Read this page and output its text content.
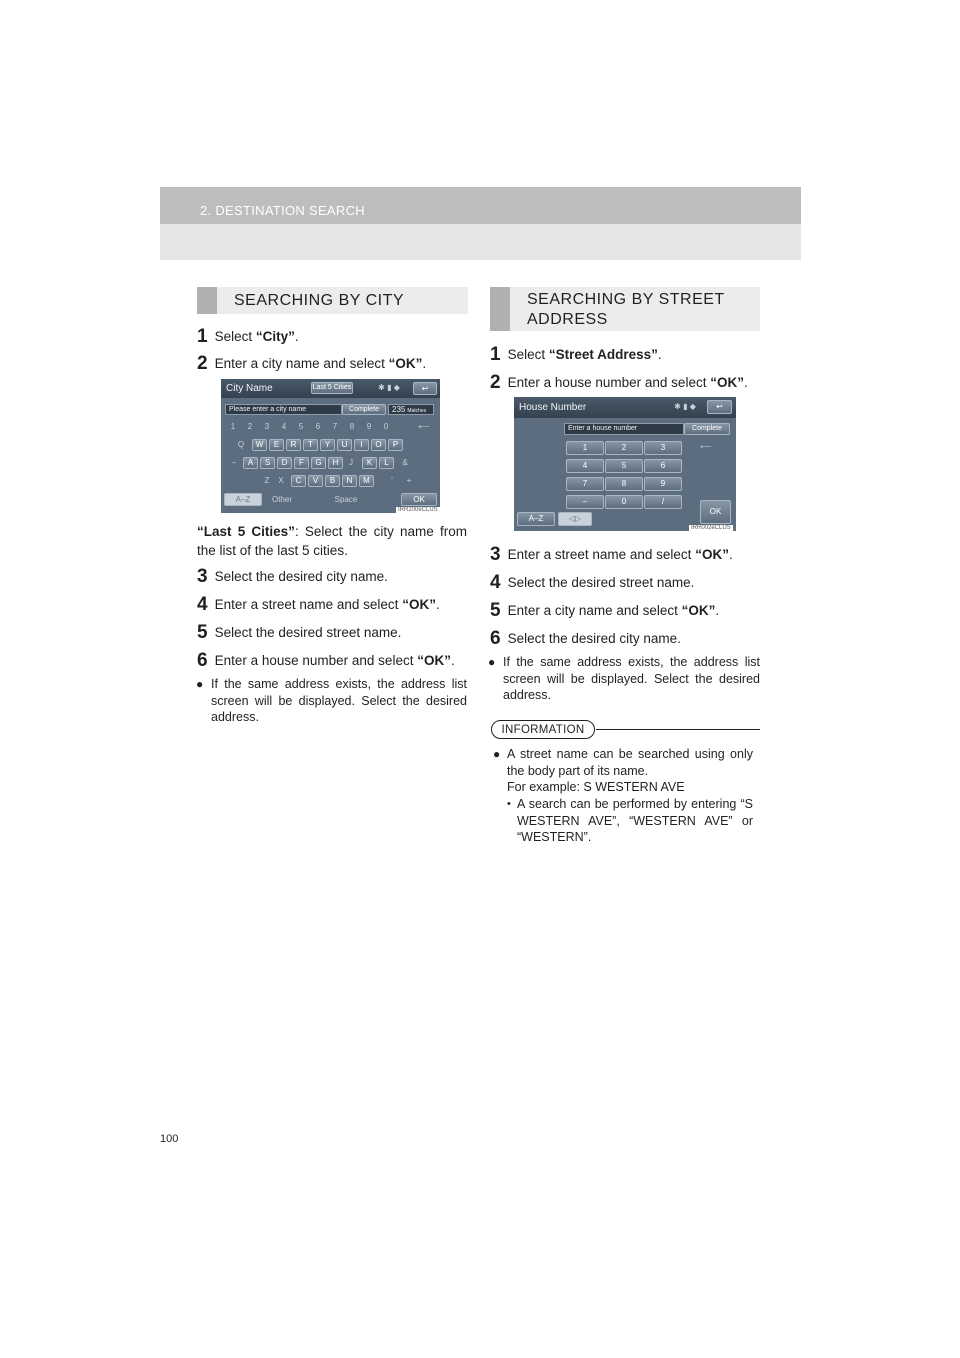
2. DESTINATION SEARCH
SEARCHING BY CITY
1 Select “City”.
2 Enter a city name and select “OK”.
City Name	Last 5 Cities	✱ ▮ ◆	↩
Please enter a city name	Complete	235 Matches
1	2	3	4	5	6	7	8	9	0	⟵
Q	W	E	R	T	Y	U	I	O	P
–	A	S	D	F	G	H	J	K	L	&
Z	X	C	V	B	N	M	'	+
A–Z	Other	Space	OK
IRR200eCLUS
“Last 5 Cities”: Select the city name from the list of the last 5 cities.
3 Select the desired city name.
4 Enter a street name and select “OK”.
5 Select the desired street name.
6 Enter a house number and select “OK”.
● If the same address exists, the address list screen will be displayed. Select the desired address.
SEARCHING BY STREET
ADDRESS
1 Select “Street Address”.
2 Enter a house number and select “OK”.
House Number	✱ ▮ ◆	↩
Enter a house number	Complete
⟵
1	2	3
4	5	6
7	8	9
–	0	/
A–Z	◁▷
OK
IRR002eCLUS
3 Enter a street name and select “OK”.
4 Select the desired street name.
5 Enter a city name and select “OK”.
6 Select the desired city name.
● If the same address exists, the address list screen will be displayed. Select the desired address.
INFORMATION
● A street name can be searched using only the body part of its name.
For example: S WESTERN AVE
• A search can be performed by entering “S WESTERN AVE”, “WESTERN AVE” or “WESTERN”.
100
